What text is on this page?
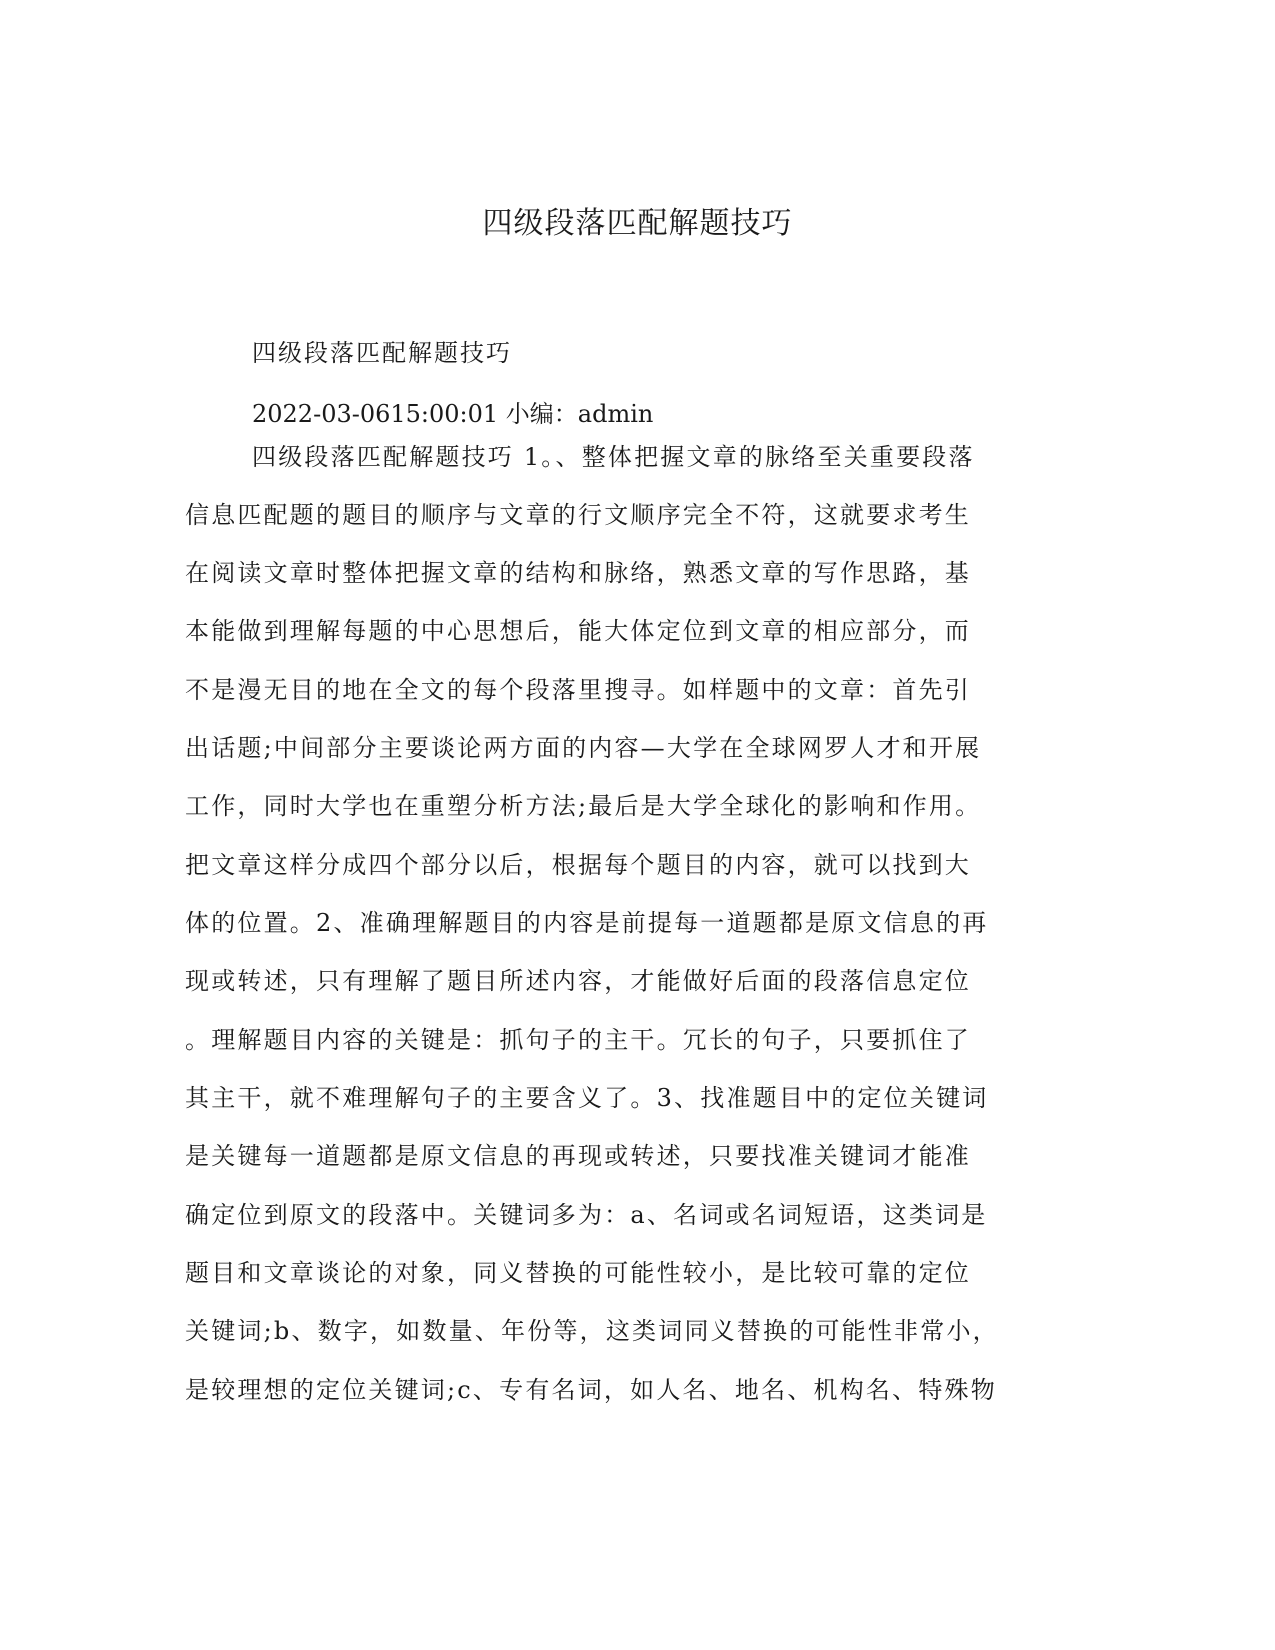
四级段落匹配解题技巧

四级段落匹配解题技巧

2022-03-0615:00:01 小编：admin

四级段落匹配解题技巧 1。、整体把握文章的脉络至关重要段落

信息匹配题的题目的顺序与文章的行文顺序完全不符，这就要求考生

在阅读文章时整体把握文章的结构和脉络，熟悉文章的写作思路，基

本能做到理解每题的中心思想后，能大体定位到文章的相应部分，而

不是漫无目的地在全文的每个段落里搜寻。如样题中的文章：首先引

出话题;中间部分主要谈论两方面的内容—大学在全球网罗人才和开展

工作，同时大学也在重塑分析方法;最后是大学全球化的影响和作用。

把文章这样分成四个部分以后，根据每个题目的内容，就可以找到大

体的位置。2、准确理解题目的内容是前提每一道题都是原文信息的再

现或转述，只有理解了题目所述内容，才能做好后面的段落信息定位

。理解题目内容的关键是：抓句子的主干。冗长的句子，只要抓住了

其主干，就不难理解句子的主要含义了。3、找准题目中的定位关键词

是关键每一道题都是原文信息的再现或转述，只要找准关键词才能准

确定位到原文的段落中。关键词多为：a、名词或名词短语，这类词是

题目和文章谈论的对象，同义替换的可能性较小，是比较可靠的定位

关键词;b、数字，如数量、年份等，这类词同义替换的可能性非常小，

是较理想的定位关键词;c、专有名词，如人名、地名、机构名、特殊物
